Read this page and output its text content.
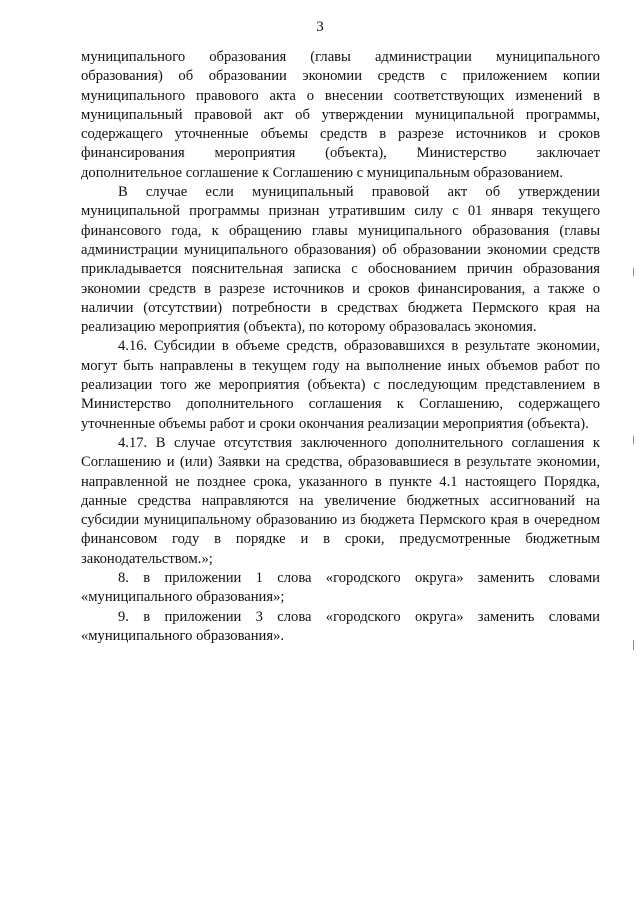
3

муниципального образования (главы администрации муниципального образования) об образовании экономии средств с приложением копии муниципального правового акта о внесении соответствующих изменений в муниципальный правовой акт об утверждении муниципальной программы, содержащего уточненные объемы средств в разрезе источников и сроков финансирования мероприятия (объекта), Министерство заключает дополнительное соглашение к Соглашению с муниципальным образованием.

В случае если муниципальный правовой акт об утверждении муниципальной программы признан утратившим силу с 01 января текущего финансового года, к обращению главы муниципального образования (главы администрации муниципального образования) об образовании экономии средств прикладывается пояснительная записка с обоснованием причин образования экономии средств в разрезе источников и сроков финансирования, а также о наличии (отсутствии) потребности в средствах бюджета Пермского края на реализацию мероприятия (объекта), по которому образовалась экономия.

4.16. Субсидии в объеме средств, образовавшихся в результате экономии, могут быть направлены в текущем году на выполнение иных объемов работ по реализации того же мероприятия (объекта) с последующим представлением в Министерство дополнительного соглашения к Соглашению, содержащего уточненные объемы работ и сроки окончания реализации мероприятия (объекта).

4.17. В случае отсутствия заключенного дополнительного соглашения к Соглашению и (или) Заявки на средства, образовавшиеся в результате экономии, направленной не позднее срока, указанного в пункте 4.1 настоящего Порядка, данные средства направляются на увеличение бюджетных ассигнований на субсидии муниципальному образованию из бюджета Пермского края в очередном финансовом году в порядке и в сроки, предусмотренные бюджетным законодательством.»;

8. в приложении 1 слова «городского округа» заменить словами «муниципального образования»;

9. в приложении 3 слова «городского округа» заменить словами «муниципального образования».
